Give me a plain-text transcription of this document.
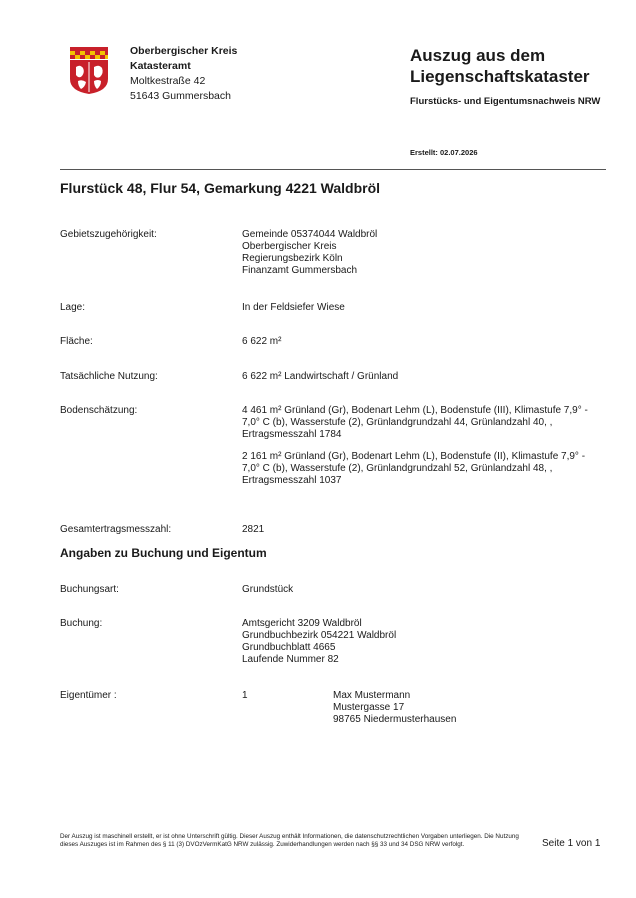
Oberbergischer Kreis
Katasteramt
Moltkestraße 42
51643 Gummersbach
Auszug aus dem Liegenschaftskataster
Flurstücks- und Eigentumsnachweis NRW
Erstellt: 02.07.2026
Flurstück 48, Flur 54, Gemarkung 4221 Waldbröl
Gebietszugehörigkeit:	Gemeinde 05374044 Waldbröl
Oberbergischer Kreis
Regierungsbezirk Köln
Finanzamt Gummersbach
Lage:	In der Feldsiefer Wiese
Fläche:	6 622 m²
Tatsächliche Nutzung:	6 622 m² Landwirtschaft / Grünland
Bodenschätzung:	4 461 m² Grünland (Gr), Bodenart Lehm (L), Bodenstufe (III), Klimastufe 7,9° - 7,0° C (b), Wasserstufe (2), Grünlandgrundzahl 44, Grünlandzahl 40, , Ertragsmesszahl 1784
2 161 m² Grünland (Gr), Bodenart Lehm (L), Bodenstufe (II), Klimastufe 7,9° - 7,0° C (b), Wasserstufe (2), Grünlandgrundzahl 52, Grünlandzahl 48, , Ertragsmesszahl 1037
Gesamtertragsmesszahl:	2821
Angaben zu Buchung und Eigentum
Buchungsart:	Grundstück
Buchung:	Amtsgericht 3209 Waldbröl
Grundbuchbezirk 054221 Waldbröl
Grundbuchblatt 4665
Laufende Nummer 82
Eigentümer :	1	Max Mustermann
Mustergasse 17
98765 Niedermusterhausen
Der Auszug ist maschinell erstellt, er ist ohne Unterschrift gültig. Dieser Auszug enthält Informationen, die datenschutzrechtlichen Vorgaben unterliegen. Die Nutzung dieses Auszuges ist im Rahmen des § 11 (3) DVOzVermKatG NRW zulässig. Zuwiderhandlungen werden nach §§ 33 und 34 DSG NRW verfolgt.	Seite 1 von 1
